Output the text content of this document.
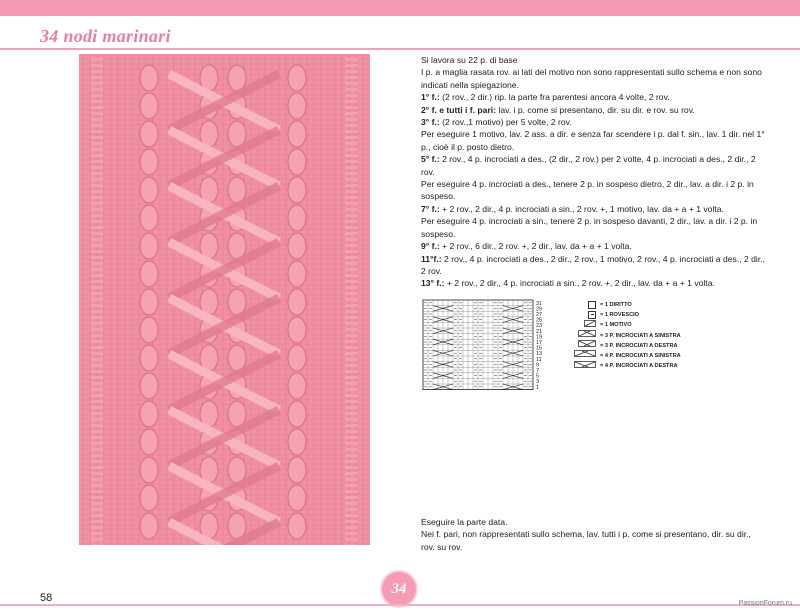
34 nodi marinari

Si lavora su 22 p. di base

I p. a maglia rasata rov. ai lati del motivo non sono rappresentati sullo schema e non sono indicati nella spiegazione.

1° f.: (2 rov., 2 dir.) rip. la parte fra parentesi ancora 4 volte, 2 rov.

2° f. e tutti i f. pari: lav. i p. come si presentano, dir. su dir. e rov. su rov.

3° f.: (2 rov.,1 motivo) per 5 volte, 2 rov.

Per eseguire 1 motivo, lav. 2 ass. a dir. e senza far scendere i p. dal f. sin., lav. 1 dir. nel 1° p., cioè il p. posto dietro.

5° f.: 2 rov., 4 p. incrociati a des., (2 dir., 2 rov.) per 2 volte, 4 p. incrociati a des., 2 dir., 2 rov.

Per eseguire 4 p. incrociati a des., tenere 2 p. in sospeso dietro, 2 dir., lav. a dir. i 2 p. in sospeso.

7° f.: + 2 rov., 2 dir., 4 p. incrociati a sin., 2 rov. +, 1 motivo, lav. da + a + 1 volta.

Per eseguire 4 p. incrociati a sin., tenere 2 p. in sospeso davanti, 2 dir., lav. a dir. i 2 p. in sospeso.

9° f.: + 2 rov., 6 dir., 2 rov. +, 2 dir., lav. da + a + 1 volta.

11°f.: 2 rov., 4 p. incrociati a des., 2 dir., 2 rov., 1 motivo, 2 rov., 4 p. incrociati a des., 2 dir., 2 rov.

13° f.: + 2 rov., 2 dir., 4 p. incrociati a sin., 2 rov. +, 2 dir., lav. da + a + 1 volta.

31
29
27
25
23
21
19
17
15
13
11
9
7
5
3
1
= 1 DIRITTO
= 1 ROVESCIO
= 1 MOTIVO
= 3 P. INCROCIATI A SINISTRA
= 3 P. INCROCIATI A DESTRA
= 4 P. INCROCIATI A SINISTRA
= 4 P. INCROCIATI A DESTRA

Eseguire la parte data.

Nei f. pari, non rappresentati sullo schema, lav. tutti i p. come si presentano, dir. su dir., rov. su rov.

58
34
PassionForum.ru
